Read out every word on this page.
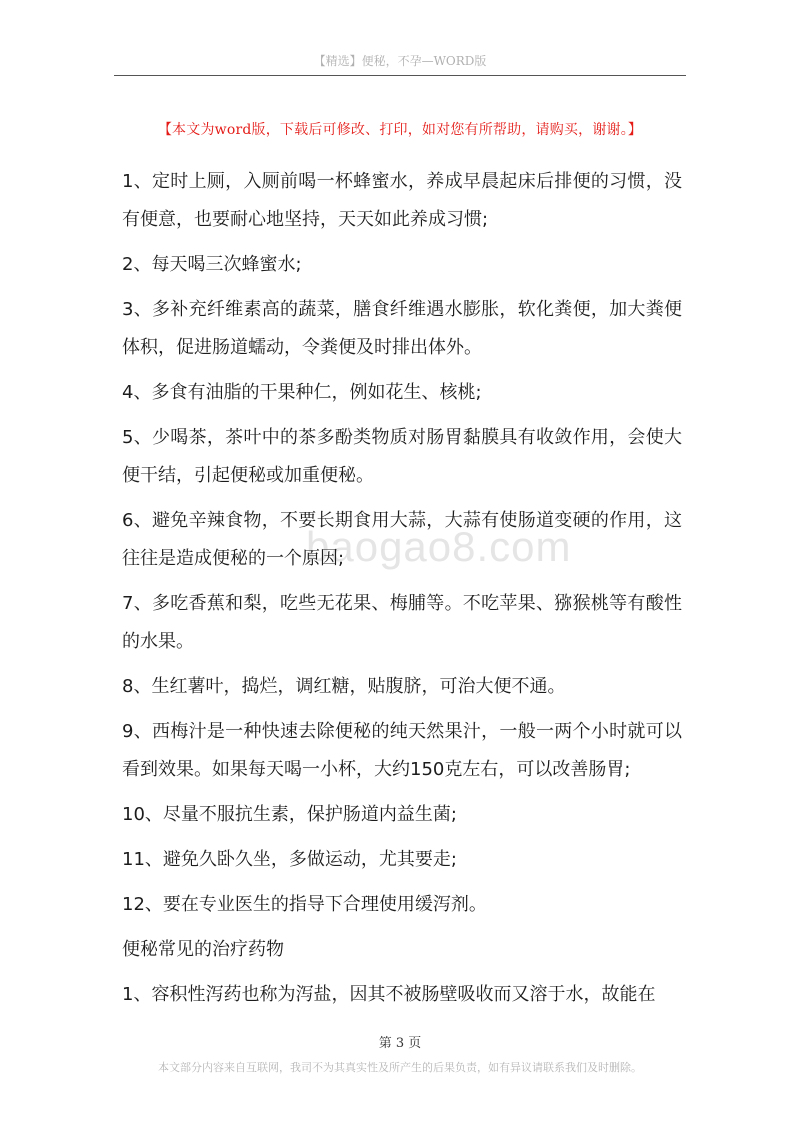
【精选】便秘，不孕—WORD版
【本文为word版，下载后可修改、打印，如对您有所帮助，请购买，谢谢。】
baogao8.com

1、定时上厕，入厕前喝一杯蜂蜜水，养成早晨起床后排便的习惯，没有便意，也要耐心地坚持，天天如此养成习惯;

2、每天喝三次蜂蜜水;

3、多补充纤维素高的蔬菜，膳食纤维遇水膨胀，软化粪便，加大粪便体积，促进肠道蠕动，令粪便及时排出体外。

4、多食有油脂的干果种仁，例如花生、核桃;

5、少喝茶，茶叶中的茶多酚类物质对肠胃黏膜具有收敛作用，会使大便干结，引起便秘或加重便秘。

6、避免辛辣食物，不要长期食用大蒜，大蒜有使肠道变硬的作用，这往往是造成便秘的一个原因;

7、多吃香蕉和梨，吃些无花果、梅脯等。不吃苹果、猕猴桃等有酸性的水果。

8、生红薯叶，捣烂，调红糖，贴腹脐，可治大便不通。

9、西梅汁是一种快速去除便秘的纯天然果汁，一般一两个小时就可以看到效果。如果每天喝一小杯，大约150克左右，可以改善肠胃;

10、尽量不服抗生素，保护肠道内益生菌;

11、避免久卧久坐，多做运动，尤其要走;

12、要在专业医生的指导下合理使用缓泻剂。

便秘常见的治疗药物

1、容积性泻药也称为泻盐，因其不被肠壁吸收而又溶于水，故能在

第 3 页
本文部分内容来自互联网，我司不为其真实性及所产生的后果负责，如有异议请联系我们及时删除。
